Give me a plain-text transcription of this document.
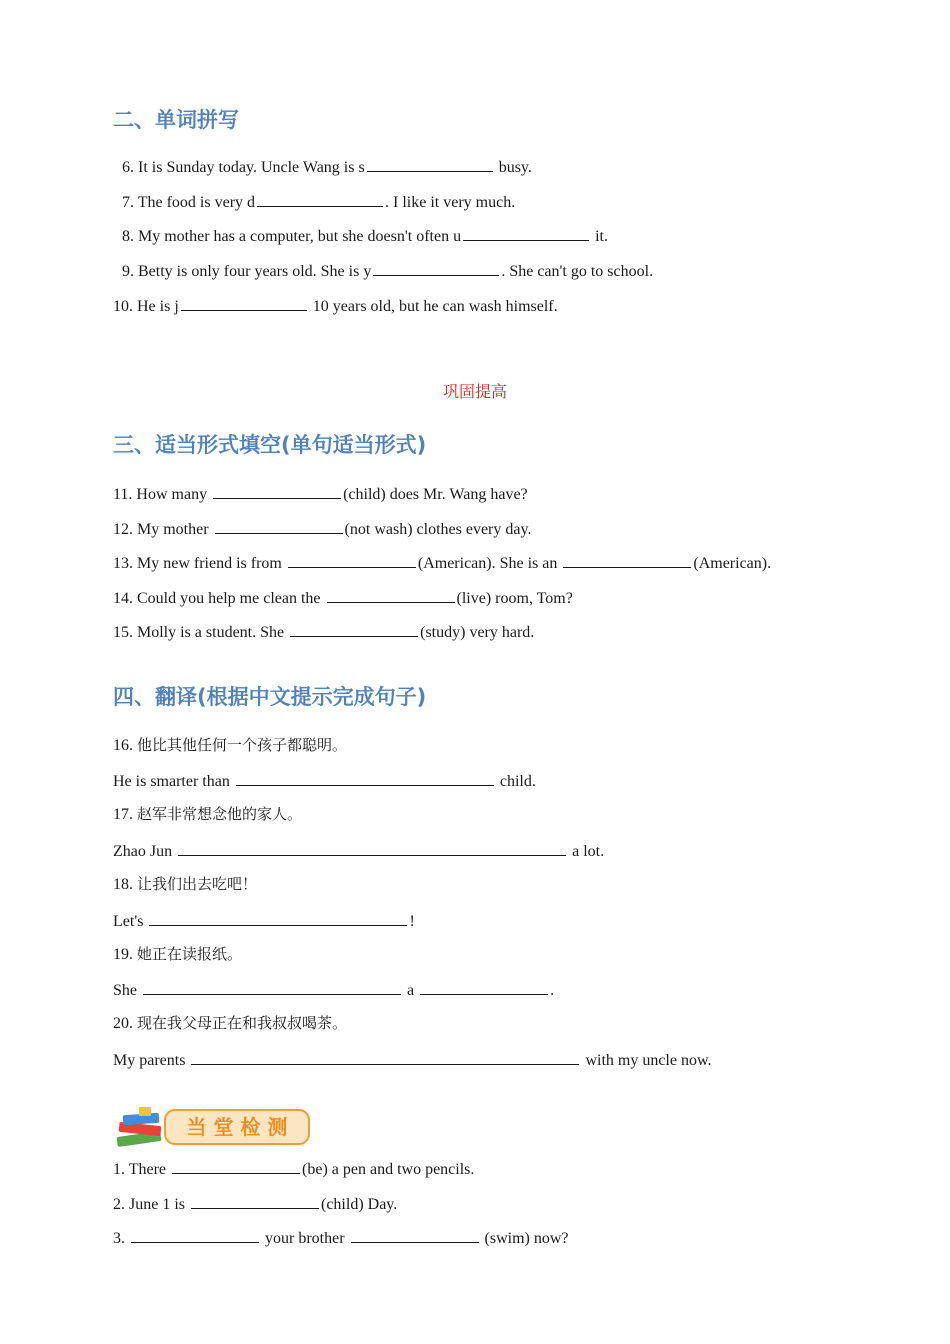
二、单词拼写
6. It is Sunday today. Uncle Wang is s	busy.
7. The food is very d	. I like it very much.
8. My mother has a computer, but she doesn't often u	it.
9. Betty is only four years old. She is y	. She can't go to school.
10. He is j	10 years old, but he can wash himself.
巩固提高
三、适当形式填空(单句适当形式)
11. How many	(child) does Mr. Wang have?
12. My mother	(not wash) clothes every day.
13. My new friend is from	(American). She is an	(American).
14. Could you help me clean the	(live) room, Tom?
15. Molly is a student. She	(study) very hard.
四、翻译(根据中文提示完成句子)
16. 他比其他任何一个孩子都聪明。
He is smarter than	child.
17. 赵军非常想念他的家人。
Zhao Jun	a lot.
18. 让我们出去吃吧！
Let's	!
19. 她正在读报纸。
She	a	.
20. 现在我父母正在和我叔叔喝茶。
My parents	with my uncle now.
当 堂 检 测
1. There	(be) a pen and two pencils.
2. June 1 is	(child) Day.
3.	your brother	(swim) now?
